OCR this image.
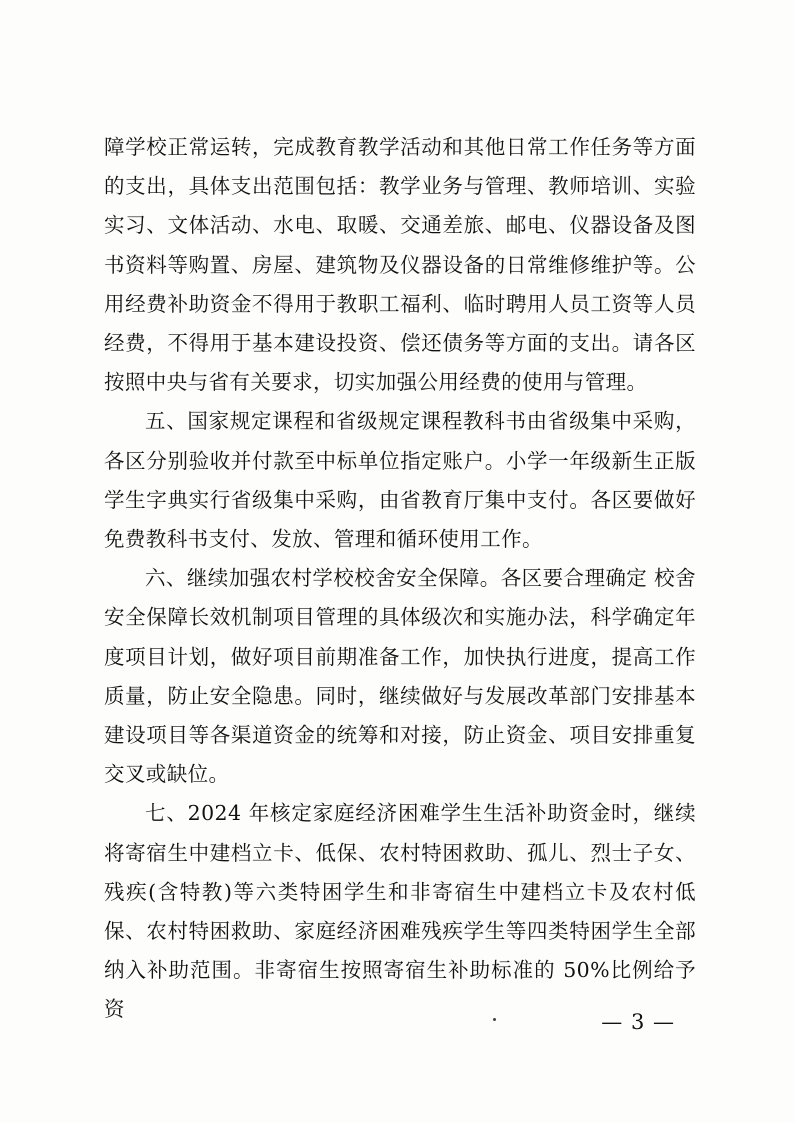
障学校正常运转，完成教育教学活动和其他日常工作任务等方面的支出，具体支出范围包括：教学业务与管理、教师培训、实验实习、文体活动、水电、取暖、交通差旅、邮电、仪器设备及图书资料等购置、房屋、建筑物及仪器设备的日常维修维护等。公用经费补助资金不得用于教职工福利、临时聘用人员工资等人员经费，不得用于基本建设投资、偿还债务等方面的支出。请各区按照中央与省有关要求，切实加强公用经费的使用与管理。

五、国家规定课程和省级规定课程教科书由省级集中采购，各区分别验收并付款至中标单位指定账户。小学一年级新生正版学生字典实行省级集中采购，由省教育厅集中支付。各区要做好免费教科书支付、发放、管理和循环使用工作。

六、继续加强农村学校校舍安全保障。各区要合理确定 校舍安全保障长效机制项目管理的具体级次和实施办法，科学确定年度项目计划，做好项目前期准备工作，加快执行进度，提高工作质量，防止安全隐患。同时，继续做好与发展改革部门安排基本建设项目等各渠道资金的统筹和对接，防止资金、项目安排重复交叉或缺位。

七、2024 年核定家庭经济困难学生生活补助资金时，继续将寄宿生中建档立卡、低保、农村特困救助、孤儿、烈士子女、残疾(含特教)等六类特困学生和非寄宿生中建档立卡及农村低保、农村特困救助、家庭经济困难残疾学生等四类特困学生全部纳入补助范围。非寄宿生按照寄宿生补助标准的 50%比例给予资

— 3 —
